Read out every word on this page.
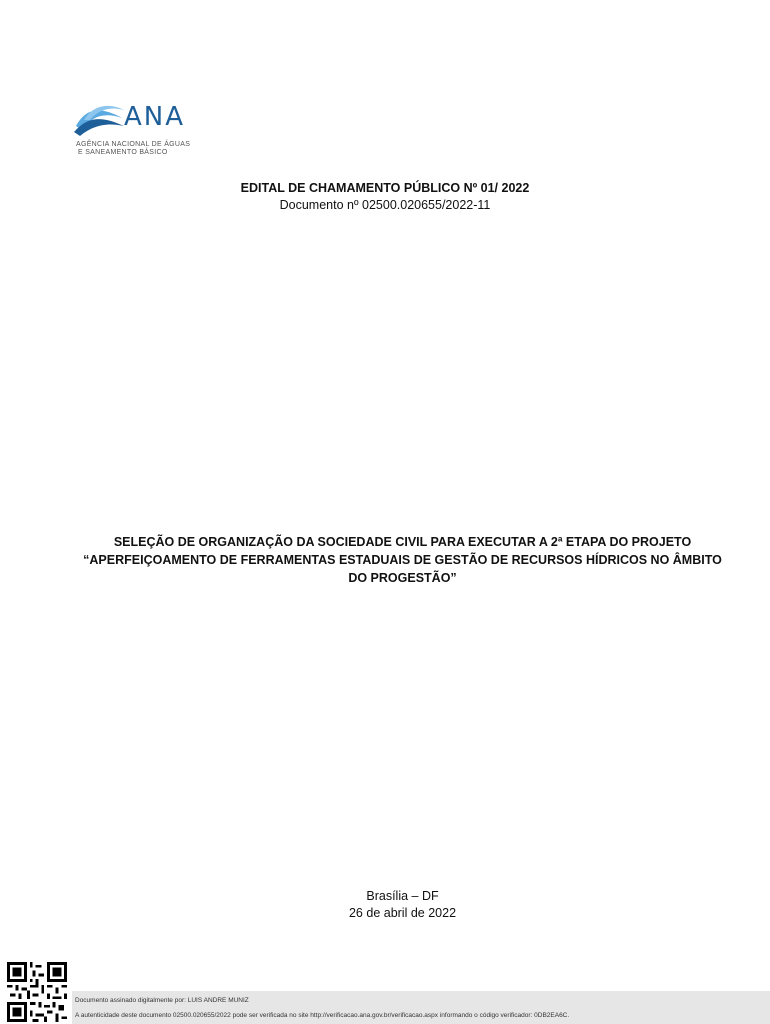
ANA
AGÊNCIA NACIONAL DE ÁGUAS
E SANEAMENTO BÁSICO
EDITAL DE CHAMAMENTO PÚBLICO Nº 01/ 2022
Documento nº 02500.020655/2022-11
SELEÇÃO DE ORGANIZAÇÃO DA SOCIEDADE CIVIL PARA EXECUTAR A 2ª ETAPA DO PROJETO
“APERFEIÇOAMENTO DE FERRAMENTAS ESTADUAIS DE GESTÃO DE RECURSOS HÍDRICOS NO ÂMBITO
DO PROGESTÃO”
Brasília – DF
26 de abril de 2022
Documento assinado digitalmente por: LUIS ANDRE MUNIZ
A autenticidade deste documento 02500.020655/2022 pode ser verificada no site http://verificacao.ana.gov.br/verificacao.aspx informando o código verificador: 0DB2EA6C.
